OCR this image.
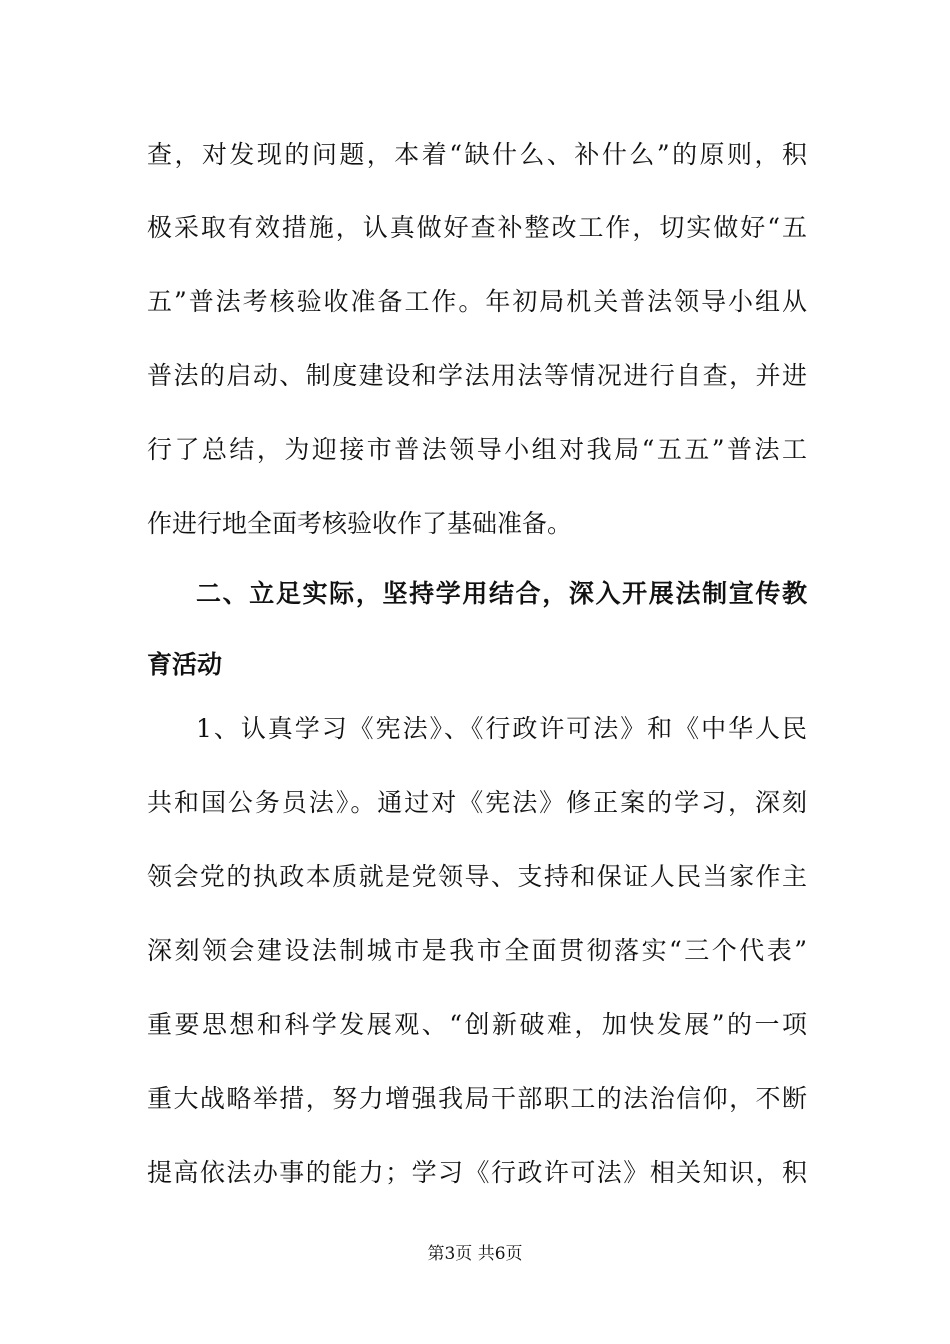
查，对发现的问题，本着“缺什么、补什么”的原则，积
极采取有效措施，认真做好查补整改工作，切实做好“五
五”普法考核验收准备工作。年初局机关普法领导小组从
普法的启动、制度建设和学法用法等情况进行自查，并进
行了总结，为迎接市普法领导小组对我局“五五”普法工
作进行地全面考核验收作了基础准备。
二、立足实际，坚持学用结合，深入开展法制宣传教
育活动
1、认真学习《宪法》、《行政许可法》和《中华人民
共和国公务员法》。通过对《宪法》修正案的学习，深刻
领会党的执政本质就是党领导、支持和保证人民当家作主
深刻领会建设法制城市是我市全面贯彻落实“三个代表”
重要思想和科学发展观、“创新破难，加快发展”的一项
重大战略举措，努力增强我局干部职工的法治信仰，不断
提高依法办事的能力；学习《行政许可法》相关知识，积
第3页 共6页
